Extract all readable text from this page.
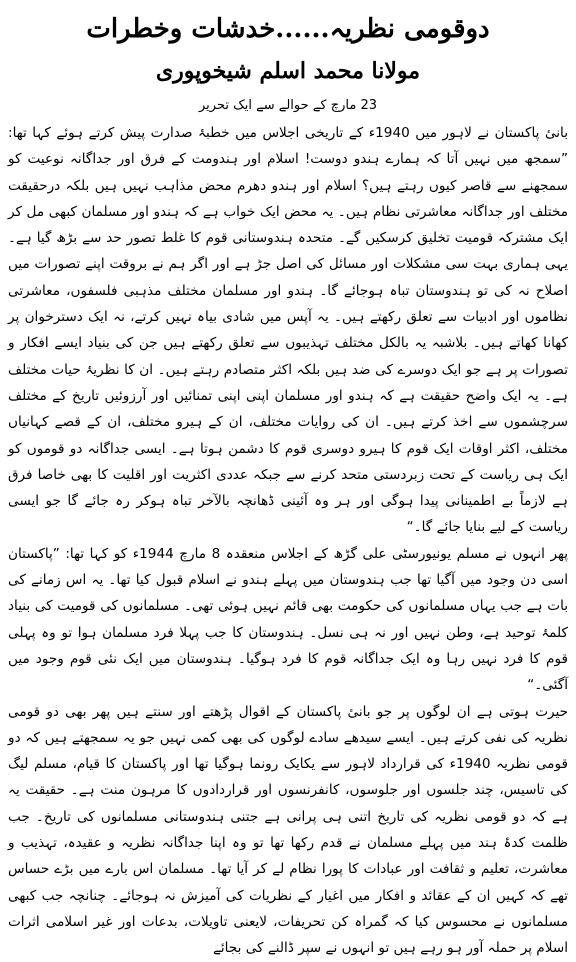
دوقومی نظریہ......خدشات وخطرات
مولانا محمد اسلم شیخوپوری
23 مارچ کے حوالے سے ایک تحریر

بانیٔ پاکستان نے لاہور میں 1940ء کے تاریخی اجلاس میں خطبۂ صدارت پیش کرتے ہوئے کہا تھا: ”سمجھ میں نہیں آتا کہ ہمارے ہندو دوست! اسلام اور ہندومت کے فرق اور جداگانہ نوعیت کو سمجھنے سے قاصر کیوں رہتے ہیں؟ اسلام اور ہندو دھرم محض مذاہب نہیں ہیں بلکہ درحقیقت مختلف اور جداگانہ معاشرتی نظام ہیں۔ یہ محض ایک خواب ہے کہ ہندو اور مسلمان کبھی مل کر ایک مشترکہ قومیت تخلیق کرسکیں گے۔ متحدہ ہندوستانی قوم کا غلط تصور حد سے بڑھ گیا ہے۔ یہی ہماری بہت سی مشکلات اور مسائل کی اصل جڑ ہے اور اگر ہم نے بروقت اپنے تصورات میں اصلاح نہ کی تو ہندوستان تباہ ہوجائے گا۔ ہندو اور مسلمان مختلف مذہبی فلسفوں، معاشرتی نظاموں اور ادبیات سے تعلق رکھتے ہیں۔ یہ آپس میں شادی بیاہ نہیں کرتے، نہ ایک دسترخوان پر کھانا کھاتے ہیں۔ بلاشبہ یہ بالکل مختلف تہذیبوں سے تعلق رکھتے ہیں جن کی بنیاد ایسے افکار و تصورات پر ہے جو ایک دوسرے کی ضد ہیں بلکہ اکثر متصادم رہتے ہیں۔ ان کا نظریۂ حیات مختلف ہے۔ یہ ایک واضح حقیقت ہے کہ ہندو اور مسلمان اپنی اپنی تمنائیں اور آرزوئیں تاریخ کے مختلف سرچشموں سے اخذ کرتے ہیں۔ ان کی روایات مختلف، ان کے ہیرو مختلف، ان کے قصے کہانیاں مختلف، اکثر اوقات ایک قوم کا ہیرو دوسری قوم کا دشمن ہوتا ہے۔ ایسی جداگانہ دو قوموں کو ایک ہی ریاست کے تحت زبردستی متحد کرنے سے جبکہ عددی اکثریت اور اقلیت کا بھی خاصا فرق ہے لازماً بے اطمینانی پیدا ہوگی اور ہر وہ آئینی ڈھانچہ بالآخر تباہ ہوکر رہ جائے گا جو ایسی ریاست کے لیے بنایا جائے گا۔“

پھر انہوں نے مسلم یونیورسٹی علی گڑھ کے اجلاس منعقدہ 8 مارچ 1944ء کو کہا تھا: ”پاکستان اسی دن وجود میں آگیا تھا جب ہندوستان میں پہلے ہندو نے اسلام قبول کیا تھا۔ یہ اس زمانے کی بات ہے جب یہاں مسلمانوں کی حکومت بھی قائم نہیں ہوئی تھی۔ مسلمانوں کی قومیت کی بنیاد کلمۂ توحید ہے، وطن نہیں اور نہ ہی نسل۔ ہندوستان کا جب پہلا فرد مسلمان ہوا تو وہ پہلی قوم کا فرد نہیں رہا وہ ایک جداگانہ قوم کا فرد ہوگیا۔ ہندوستان میں ایک نئی قوم وجود میں آگئی۔“

حیرت ہوتی ہے ان لوگوں پر جو بانیٔ پاکستان کے اقوال پڑھتے اور سنتے ہیں پھر بھی دو قومی نظریہ کی نفی کرتے ہیں۔ ایسے سیدھے سادے لوگوں کی بھی کمی نہیں جو یہ سمجھتے ہیں کہ دو قومی نظریہ 1940ء کی قرارداد لاہور سے یکایک رونما ہوگیا تھا اور پاکستان کا قیام، مسلم لیگ کی تاسیس، چند جلسوں اور جلوسوں، کانفرنسوں اور قراردادوں کا مرہون منت ہے۔ حقیقت یہ ہے کہ دو قومی نظریہ کی تاریخ اتنی ہی پرانی ہے جتنی ہندوستانی مسلمانوں کی تاریخ۔ جب ظلمت کدۂ ہند میں پہلے مسلمان نے قدم رکھا تھا تو وہ اپنا جداگانہ نظریہ و عقیدہ، تہذیب و معاشرت، تعلیم و ثقافت اور عبادات کا پورا نظام لے کر آیا تھا۔ مسلمان اس بارے میں بڑے حساس تھے کہ کہیں ان کے عقائد و افکار میں اغیار کے نظریات کی آمیزش نہ ہوجائے۔ چنانچہ جب کبھی مسلمانوں نے محسوس کیا کہ گمراہ کن تحریفات، لایعنی تاویلات، بدعات اور غیر اسلامی اثرات اسلام پر حملہ آور ہو رہے ہیں تو انہوں نے سپر ڈالنے کی بجائے
